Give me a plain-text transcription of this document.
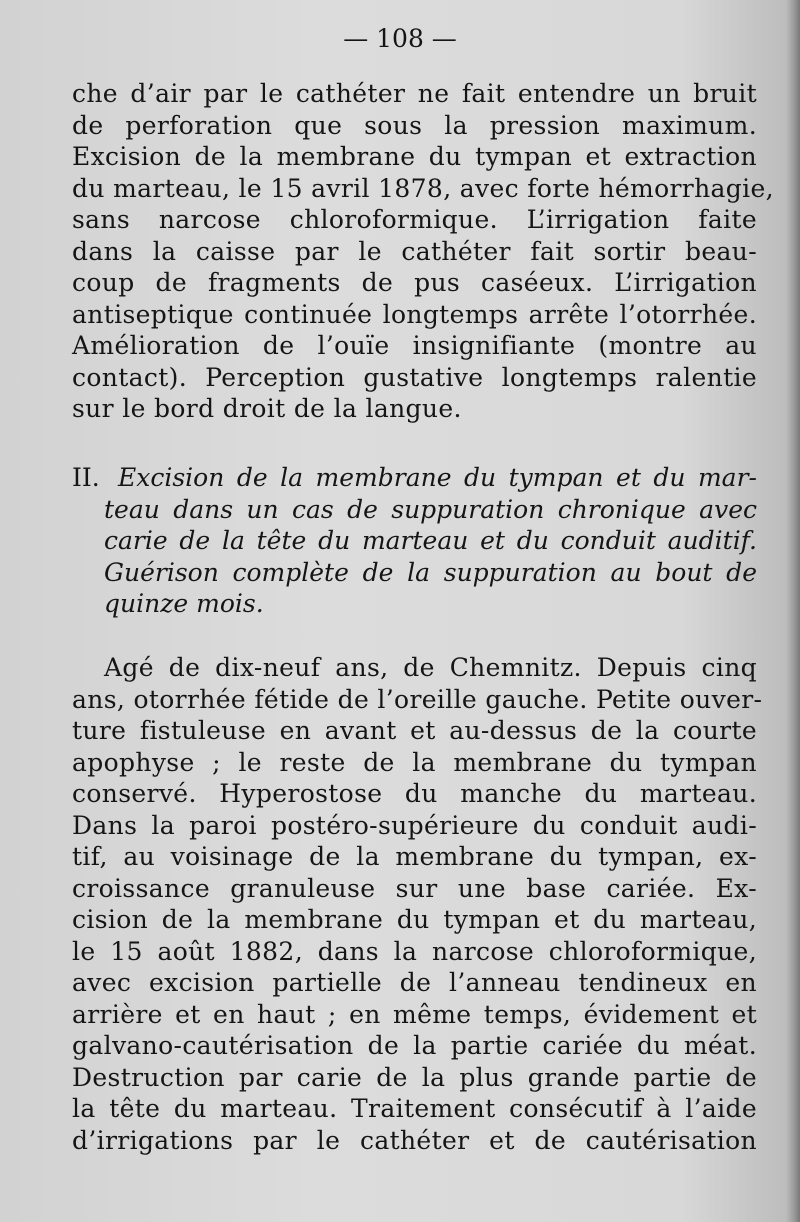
— 108 —
che d’air par le cathéter ne fait entendre un bruit
de perforation que sous la pression maximum.
Excision de la membrane du tympan et extraction
du marteau, le 15 avril 1878, avec forte hémorrhagie,
sans narcose chloroformique. L’irrigation faite
dans la caisse par le cathéter fait sortir beau-
coup de fragments de pus caséeux. L’irrigation
antiseptique continuée longtemps arrête l’otorrhée.
Amélioration de l’ouïe insignifiante (montre au
contact). Perception gustative longtemps ralentie
sur le bord droit de la langue.
II. Excision de la membrane du tympan et du mar-
teau dans un cas de suppuration chronique avec
carie de la tête du marteau et du conduit auditif.
Guérison complète de la suppuration au bout de
quinze mois.
Agé de dix-neuf ans, de Chemnitz. Depuis cinq
ans, otorrhée fétide de l’oreille gauche. Petite ouver-
ture fistuleuse en avant et au-dessus de la courte
apophyse ; le reste de la membrane du tympan
conservé. Hyperostose du manche du marteau.
Dans la paroi postéro-supérieure du conduit audi-
tif, au voisinage de la membrane du tympan, ex-
croissance granuleuse sur une base cariée. Ex-
cision de la membrane du tympan et du marteau,
le 15 août 1882, dans la narcose chloroformique,
avec excision partielle de l’anneau tendineux en
arrière et en haut ; en même temps, évidement et
galvano-cautérisation de la partie cariée du méat.
Destruction par carie de la plus grande partie de
la tête du marteau. Traitement consécutif à l’aide
d’irrigations par le cathéter et de cautérisation
